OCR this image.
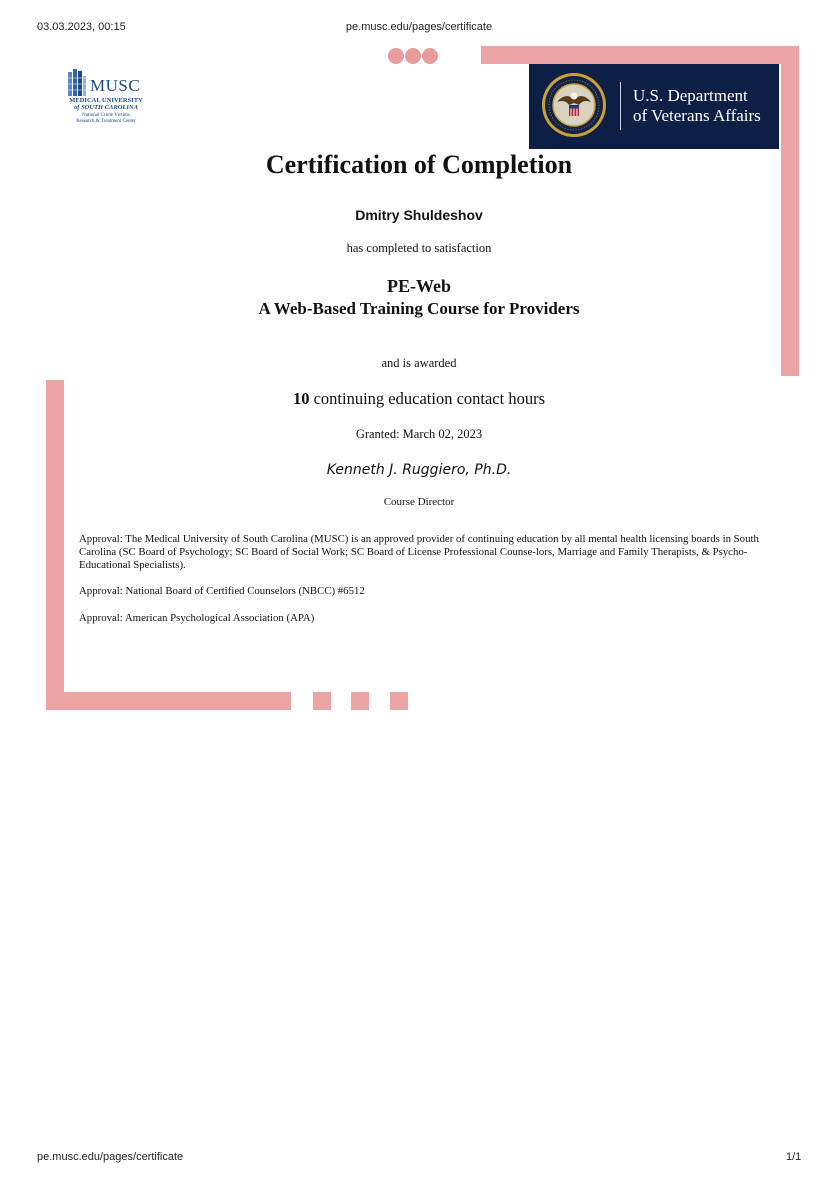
03.03.2023, 00:15	pe.musc.edu/pages/certificate
pe.musc.edu/pages/certificate	1/1
MUSC
MEDICAL UNIVERSITY
of SOUTH CAROLINA
National Crime Victims
Research & Treatment Center
U.S. Department
of Veterans Affairs
Certification of Completion
Dmitry Shuldeshov
has completed to satisfaction
PE-Web
A Web-Based Training Course for Providers
and is awarded
10 continuing education contact hours
Granted: March 02, 2023
Kenneth J. Ruggiero, Ph.D.
Course Director
Approval: The Medical University of South Carolina (MUSC) is an approved provider of continuing education by all mental health licensing boards in South Carolina (SC Board of Psychology; SC Board of Social Work; SC Board of License Professional Counse-lors, Marriage and Family Therapists, & Psycho-Educational Specialists).
Approval: National Board of Certified Counselors (NBCC) #6512
Approval: American Psychological Association (APA)
